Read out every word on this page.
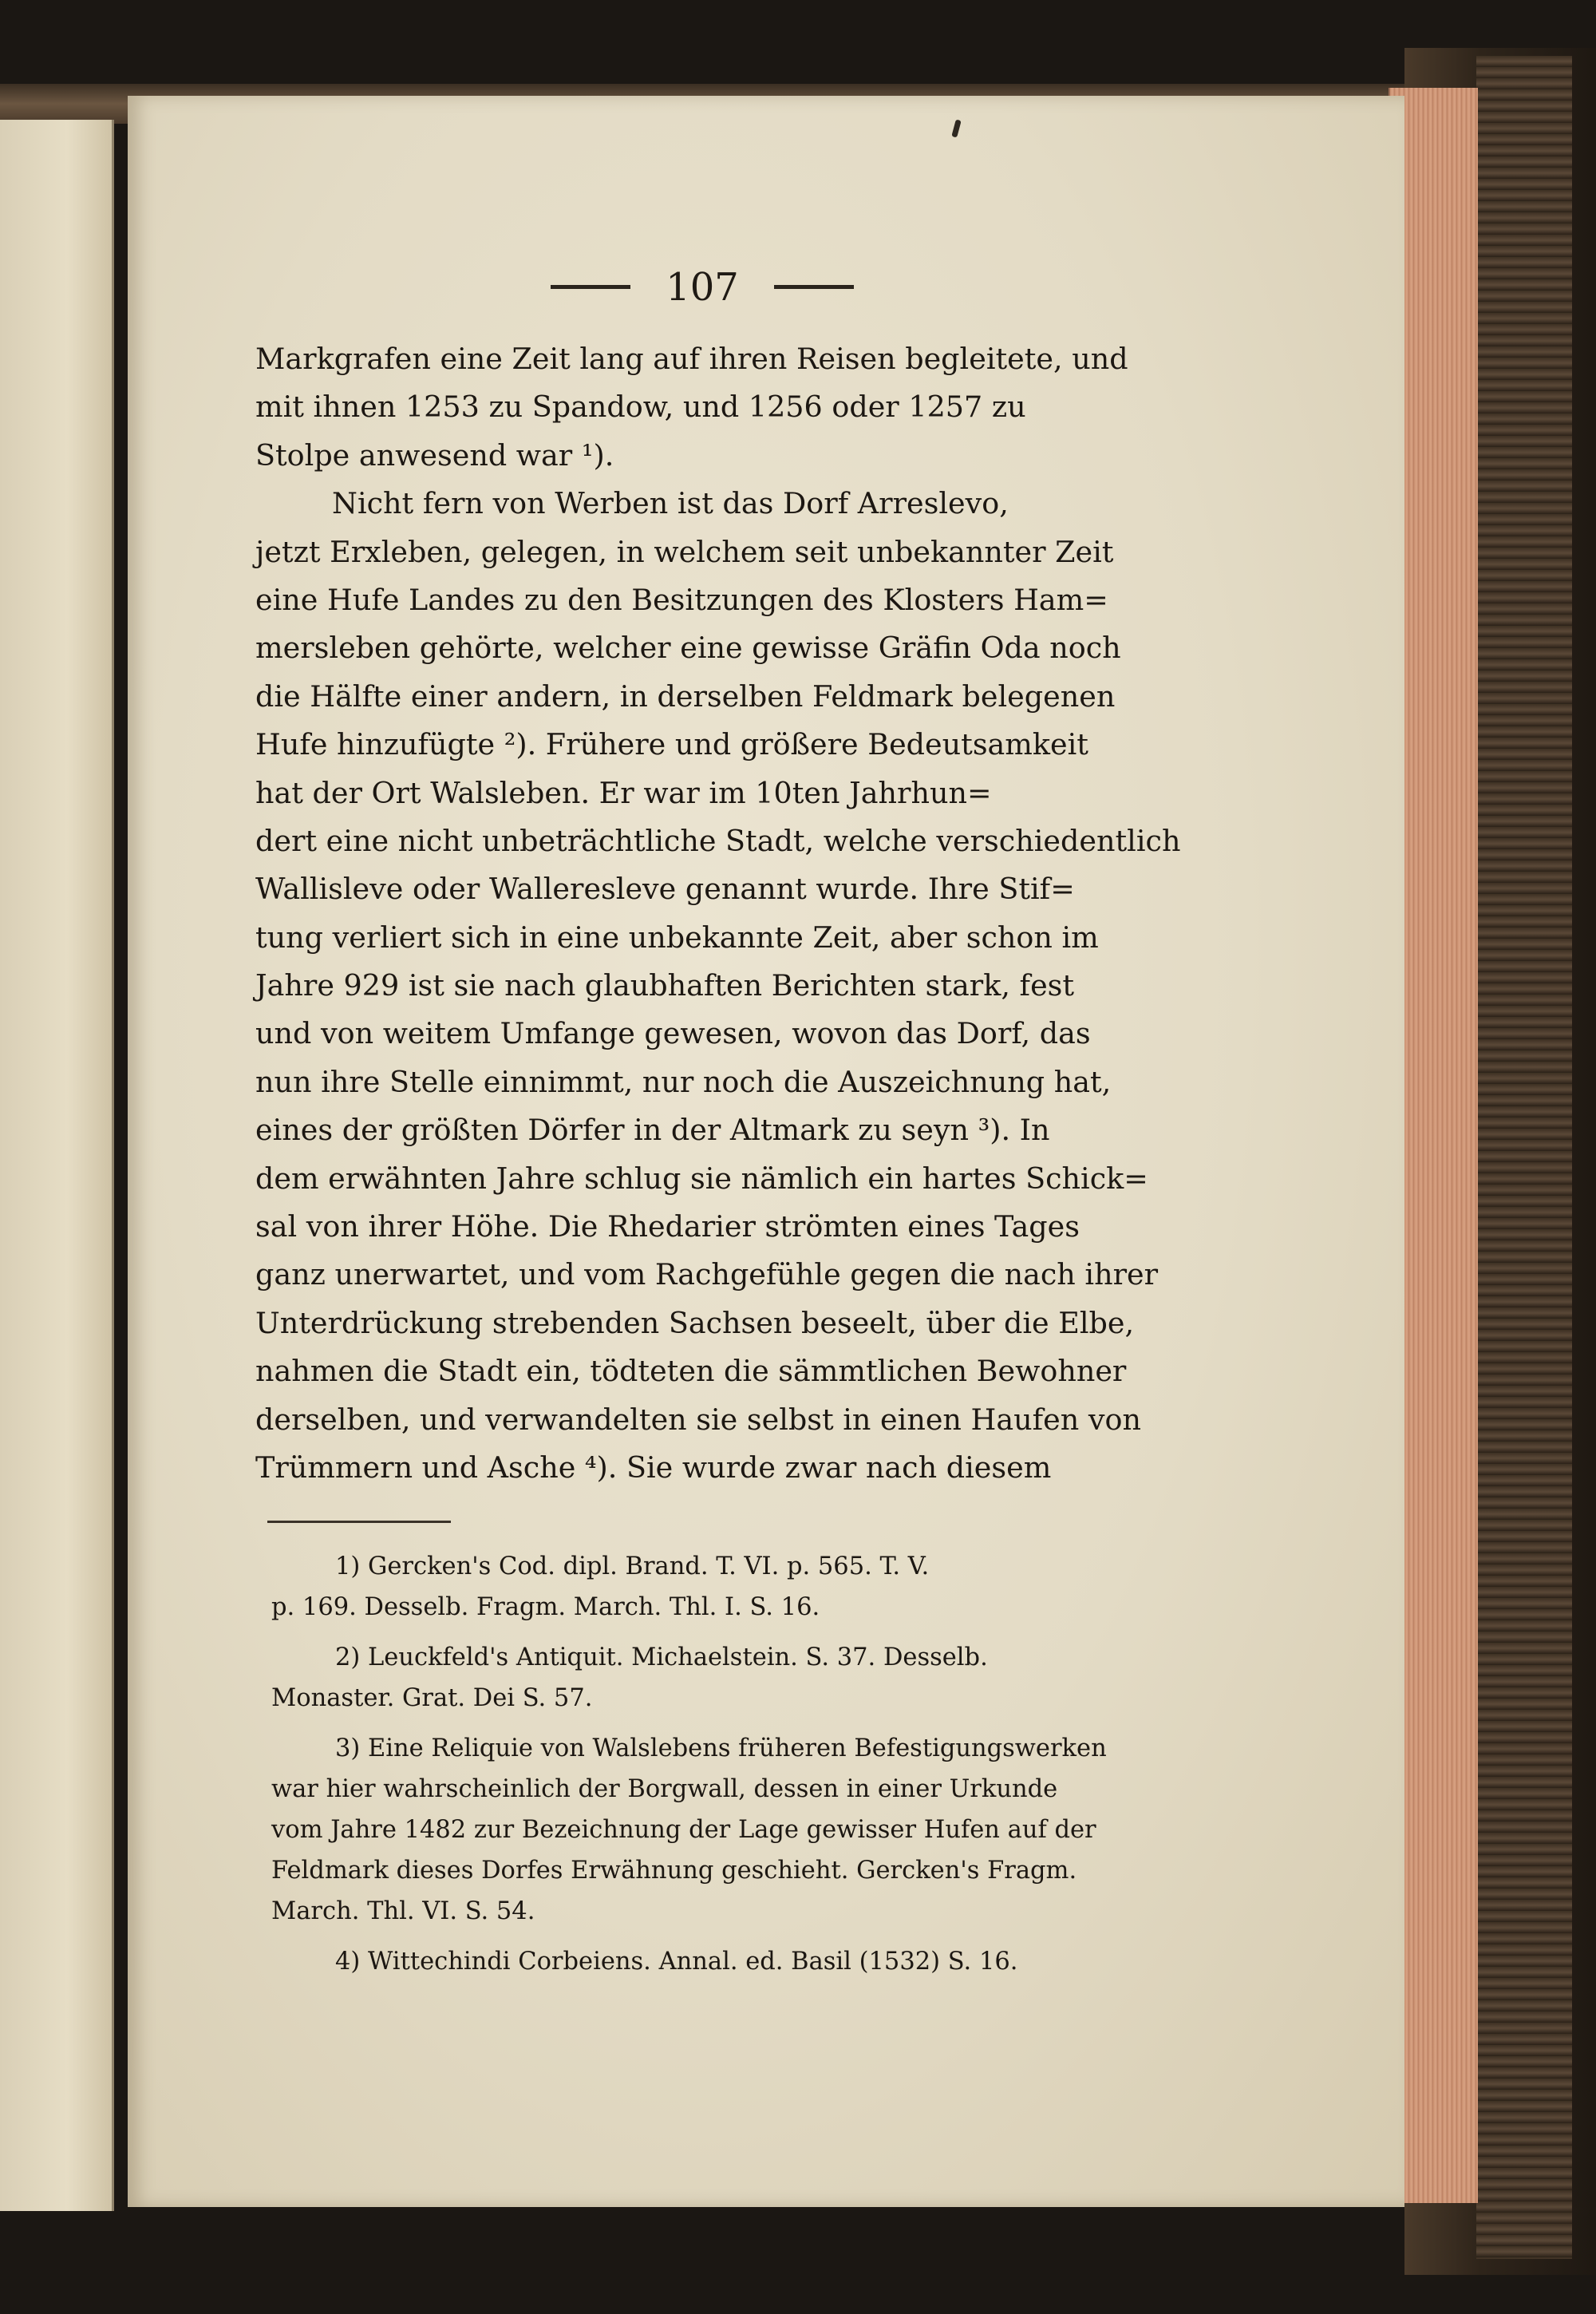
107
Markgrafen eine Zeit lang auf ihren Reisen begleitete, und
mit ihnen 1253 zu Spandow, und 1256 oder 1257 zu
Stolpe anwesend war ¹).
Nicht fern von Werben ist das Dorf Arreslevo,
jetzt Erxleben, gelegen, in welchem seit unbekannter Zeit
eine Hufe Landes zu den Besitzungen des Klosters Ham=
mersleben gehörte, welcher eine gewisse Gräfin Oda noch
die Hälfte einer andern, in derselben Feldmark belegenen
Hufe hinzufügte ²). Frühere und größere Bedeutsamkeit
hat der Ort Walsleben. Er war im 10ten Jahrhun=
dert eine nicht unbeträchtliche Stadt, welche verschiedentlich
Wallisleve oder Walleresleve genannt wurde. Ihre Stif=
tung verliert sich in eine unbekannte Zeit, aber schon im
Jahre 929 ist sie nach glaubhaften Berichten stark, fest
und von weitem Umfange gewesen, wovon das Dorf, das
nun ihre Stelle einnimmt, nur noch die Auszeichnung hat,
eines der größten Dörfer in der Altmark zu seyn ³). In
dem erwähnten Jahre schlug sie nämlich ein hartes Schick=
sal von ihrer Höhe. Die Rhedarier strömten eines Tages
ganz unerwartet, und vom Rachgefühle gegen die nach ihrer
Unterdrückung strebenden Sachsen beseelt, über die Elbe,
nahmen die Stadt ein, tödteten die sämmtlichen Bewohner
derselben, und verwandelten sie selbst in einen Haufen von
Trümmern und Asche ⁴). Sie wurde zwar nach diesem
1) Gercken's Cod. dipl. Brand. T. VI. p. 565. T. V.
p. 169. Desselb. Fragm. March. Thl. I. S. 16.
2) Leuckfeld's Antiquit. Michaelstein. S. 37. Desselb.
Monaster. Grat. Dei S. 57.
3) Eine Reliquie von Walslebens früheren Befestigungswerken
war hier wahrscheinlich der Borgwall, dessen in einer Urkunde
vom Jahre 1482 zur Bezeichnung der Lage gewisser Hufen auf der
Feldmark dieses Dorfes Erwähnung geschieht. Gercken's Fragm.
March. Thl. VI. S. 54.
4) Wittechindi Corbeiens. Annal. ed. Basil (1532) S. 16.
